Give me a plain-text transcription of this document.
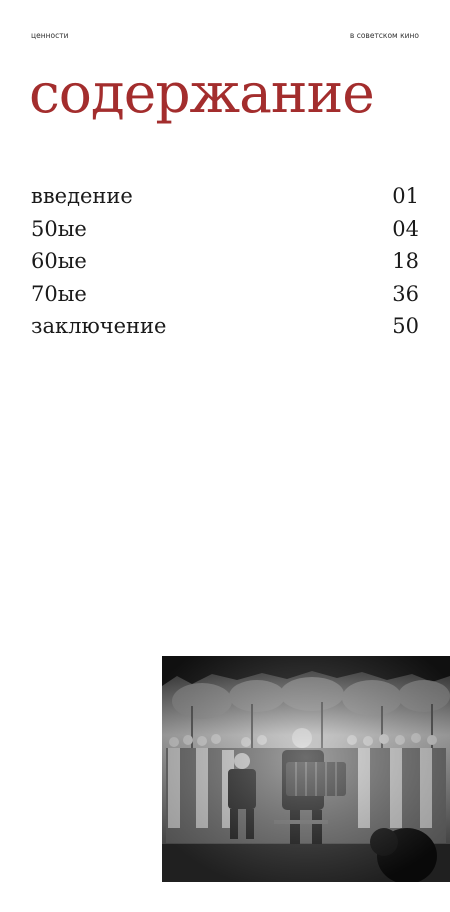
ценности	в советском кино
содержание
введение	01
50ые	04
60ые	18
70ые	36
заключение	50
